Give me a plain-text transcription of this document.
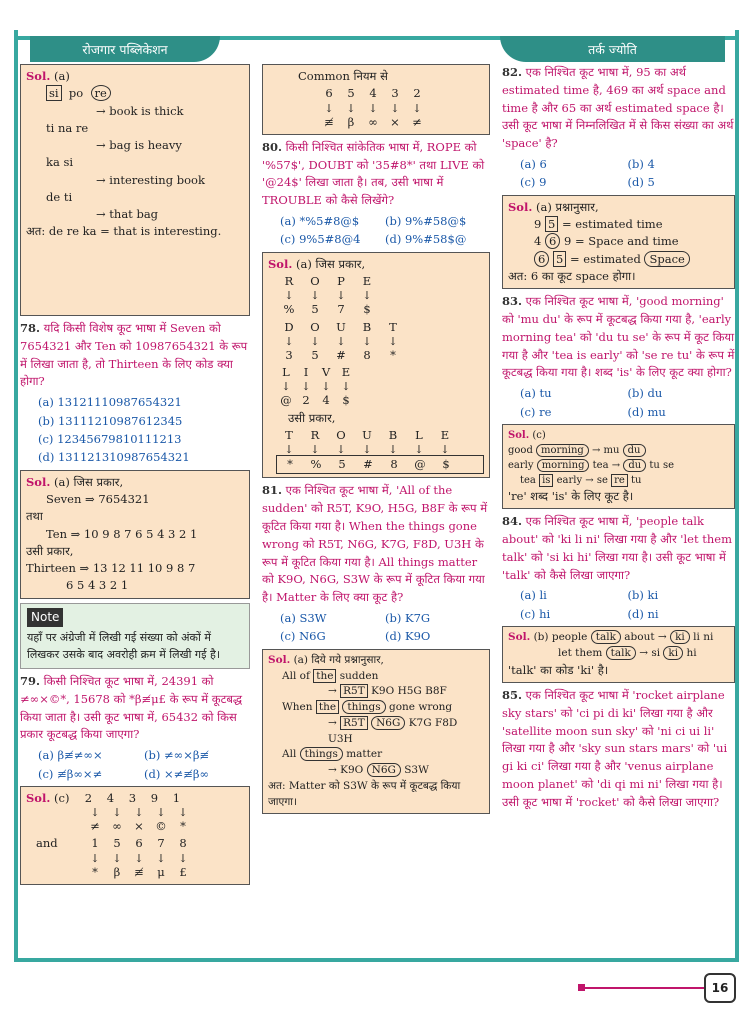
रोजगार पब्लिकेशन	तर्क ज्योति
Sol. (a)
si  po  re
→ book is thick
ti na re
→ bag is heavy
ka si
→ interesting book
de ti
→ that bag
अत: de re ka = that is interesting.
78. यदि किसी विशेष कूट भाषा में Seven को 7654321 और Ten को 10987654321 के रूप में लिखा जाता है, तो Thirteen के लिए कोड क्या होगा?
(a) 13121110987654321
(b) 13111210987612345
(c) 12345679810111213
(d) 131121310987654321
Sol. (a) जिस प्रकार,
Seven ⇒ 7654321
तथा
Ten ⇒ 10 9 8 7 6 5 4 3 2 1
उसी प्रकार,
Thirteen ⇒ 13 12 11 10 9 8 7
6 5 4 3 2 1
Note
यहाँ पर अंग्रेजी में लिखी गई संख्या को अंकों में लिखकर उसके बाद अवरोही क्रम में लिखी गई है।
79. किसी निश्चित कूट भाषा में, 24391 को ≠∞×©*, 15678 को *β≢μ£ के रूप में कूटबद्ध किया जाता है। उसी कूट भाषा में, 65432 को किस प्रकार कूटबद्ध किया जाएगा?
(a) β≢≠∞×	(b) ≠∞×β≢
(c) ≢β∞×≠	(d) ×≠≢β∞
Sol. (c)	2	4	3	9	1
↓	↓	↓	↓	↓
≠	∞	× ©	*
and	1	5	6	7	8
↓	↓	↓	↓	↓
*	β	≢	μ	£
Common नियम से
6	5	4	3	2
↓	↓	↓	↓	↓
≢	β	∞	×	≠
80. किसी निश्चित सांकेतिक भाषा में, ROPE को '%57$', DOUBT को '35#8*' तथा LIVE को '@24$' लिखा जाता है। तब, उसी भाषा में TROUBLE को कैसे लिखेंगे?
(a) *%5#8@$	(b) 9%#58@$
(c) 9%5#8@4	(d) 9%#58$@
Sol. (a) जिस प्रकार,
R	O	P	E
↓	↓	↓	↓
%	5	7	$
D	O	U	B	T
↓	↓	↓	↓	↓
3	5	#	8	*
L	I	V	E
↓ ↓ ↓ ↓
@ 2	4	$
उसी प्रकार,
T	R	O	U	B	L	E
↓	↓	↓	↓	↓	↓	↓
*	%	5	#	8	@	$
81. एक निश्चित कूट भाषा में, 'All of the sudden' को R5T, K9O, H5G, B8F के रूप में कूटित किया गया है। When the things gone wrong को R5T, N6G, K7G, F8D, U3H के रूप में कूटित किया गया है। All things matter को K9O, N6G, S3W के रूप में कूटित किया गया है। Matter के लिए क्या कूट है?
(a) S3W	(b) K7G
(c) N6G	(d) K9O
Sol. (a) दिये गये प्रश्नानुसार,
All of the sudden
→ R5T K9O H5G B8F
When the things gone wrong
→ R5T N6G K7G F8D U3H
All things matter
→ K9O N6G S3W
अत: Matter को S3W के रूप में कूटबद्ध किया जाएगा।
82. एक निश्चित कूट भाषा में, 95 का अर्थ estimated time है, 469 का अर्थ space and time है और 65 का अर्थ estimated space है। उसी कूट भाषा में निम्नलिखित में से किस संख्या का अर्थ 'space' है?
(a) 6	(b) 4
(c) 9	(d) 5
Sol. (a) प्रश्नानुसार,
9 5 = estimated time
4 6 9 = Space and time
6 5 = estimated Space
अत: 6 का कूट space होगा।
83. एक निश्चित कूट भाषा में, 'good morning' को 'mu du' के रूप में कूटबद्ध किया गया है, 'early morning tea' को 'du tu se' के रूप में कूट किया गया है और 'tea is early' को 'se re tu' के रूप में कूटबद्ध किया गया है। शब्द 'is' के लिए कूट क्या होगा?
(a) tu	(b) du
(c) re	(d) mu
Sol. (c)
good morning → mu du
early morning tea → du tu se
tea is early → se re tu
're' शब्द 'is' के लिए कूट है।
84. एक निश्चित कूट भाषा में, 'people talk about' को 'ki li ni' लिखा गया है और 'let them talk' को 'si ki hi' लिखा गया है। उसी कूट भाषा में 'talk' को कैसे लिखा जाएगा?
(a) li	(b) ki
(c) hi	(d) ni
Sol. (b) people talk about → ki li ni
let them talk → si ki hi
'talk' का कोड 'ki' है।
85. एक निश्चित कूट भाषा में 'rocket airplane sky stars' को 'ci pi di ki' लिखा गया है और 'satellite moon sun sky' को 'ni ci ui li' लिखा गया है और 'sky sun stars mars' को 'ui gi ki ci' लिखा गया है और 'venus airplane moon planet' को 'di qi mi ni' लिखा गया है। उसी कूट भाषा में 'rocket' को कैसे लिखा जाएगा?
16
